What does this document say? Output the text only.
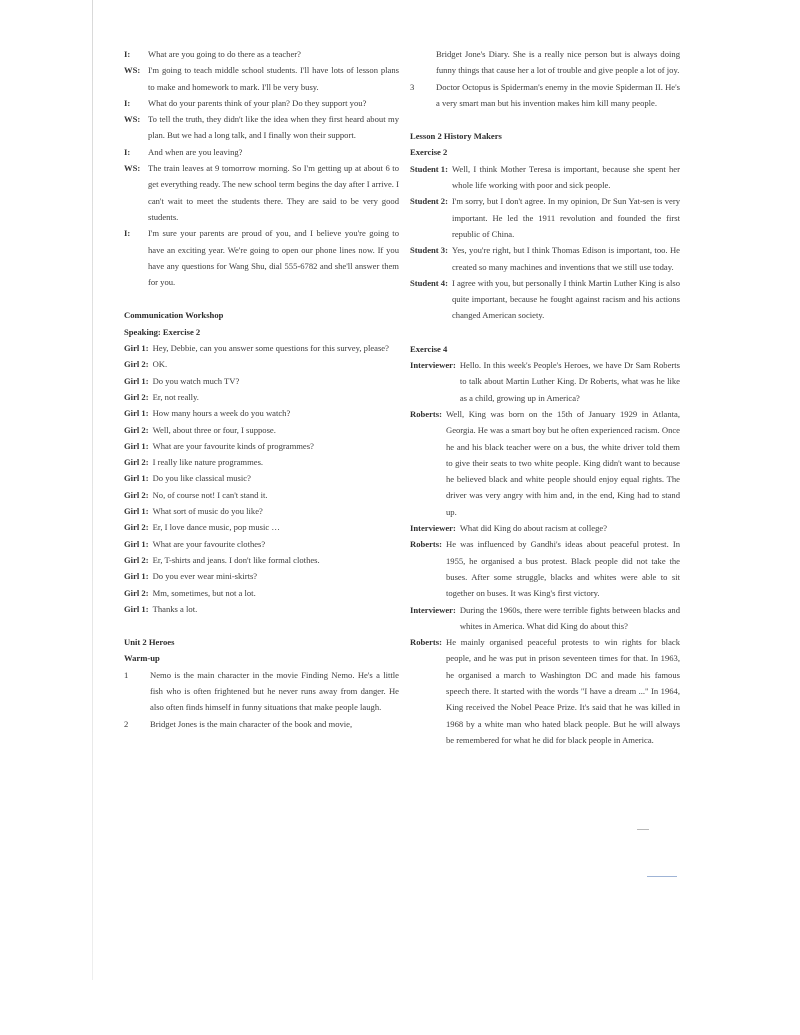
I:	What are you going to do there as a teacher?
WS: I'm going to teach middle school students. I'll have lots of lesson plans to make and homework to mark. I'll be very busy.
I:	What do your parents think of your plan? Do they support you?
WS: To tell the truth, they didn't like the idea when they first heard about my plan. But we had a long talk, and I finally won their support.
I:	And when are you leaving?
WS: The train leaves at 9 tomorrow morning. So I'm getting up at about 6 to get everything ready. The new school term begins the day after I arrive. I can't wait to meet the students there. They are said to be very good students.
I:	I'm sure your parents are proud of you, and I believe you're going to have an exciting year. We're going to open our phone lines now. If you have any questions for Wang Shu, dial 555-6782 and she'll answer them for you.
Communication Workshop
Speaking: Exercise 2
Girl 1: Hey, Debbie, can you answer some questions for this survey, please?
Girl 2: OK.
Girl 1: Do you watch much TV?
Girl 2: Er, not really.
Girl 1: How many hours a week do you watch?
Girl 2: Well, about three or four, I suppose.
Girl 1: What are your favourite kinds of programmes?
Girl 2: I really like nature programmes.
Girl 1: Do you like classical music?
Girl 2: No, of course not! I can't stand it.
Girl 1: What sort of music do you like?
Girl 2: Er, I love dance music, pop music …
Girl 1: What are your favourite clothes?
Girl 2: Er, T-shirts and jeans. I don't like formal clothes.
Girl 1: Do you ever wear mini-skirts?
Girl 2: Mm, sometimes, but not a lot.
Girl 1: Thanks a lot.
Unit 2 Heroes
Warm-up
1	Nemo is the main character in the movie Finding Nemo. He's a little fish who is often frightened but he never runs away from danger. He also often finds himself in funny situations that make people laugh.
2	Bridget Jones is the main character of the book and movie,
Bridget Jone's Diary. She is a really nice person but is always doing funny things that cause her a lot of trouble and give people a lot of joy.
3	Doctor Octopus is Spiderman's enemy in the movie Spiderman II. He's a very smart man but his invention makes him kill many people.
Lesson 2 History Makers
Exercise 2
Student 1: Well, I think Mother Teresa is important, because she spent her whole life working with poor and sick people.
Student 2: I'm sorry, but I don't agree. In my opinion, Dr Sun Yat-sen is very important. He led the 1911 revolution and founded the first republic of China.
Student 3: Yes, you're right, but I think Thomas Edison is important, too. He created so many machines and inventions that we still use today.
Student 4: I agree with you, but personally I think Martin Luther King is also quite important, because he fought against racism and his actions changed American society.
Exercise 4
Interviewer: Hello. In this week's People's Heroes, we have Dr Sam Roberts to talk about Martin Luther King. Dr Roberts, what was he like as a child, growing up in America?
Roberts: Well, King was born on the 15th of January 1929 in Atlanta, Georgia. He was a smart boy but he often experienced racism. Once he and his black teacher were on a bus, the white driver told them to give their seats to two white people. King didn't want to because he believed black and white people should enjoy equal rights. The driver was very angry with him and, in the end, King had to stand up.
Interviewer: What did King do about racism at college?
Roberts: He was influenced by Gandhi's ideas about peaceful protest. In 1955, he organised a bus protest. Black people did not take the buses. After some struggle, blacks and whites were able to sit together on buses. It was King's first victory.
Interviewer: During the 1960s, there were terrible fights between blacks and whites in America. What did King do about this?
Roberts: He mainly organised peaceful protests to win rights for black people, and he was put in prison seventeen times for that. In 1963, he organised a march to Washington DC and made his famous speech there. It started with the words "I have a dream ..." In 1964, King received the Nobel Peace Prize. It's said that he was killed in 1968 by a white man who hated black people. But he will always be remembered for what he did for black people in America.
